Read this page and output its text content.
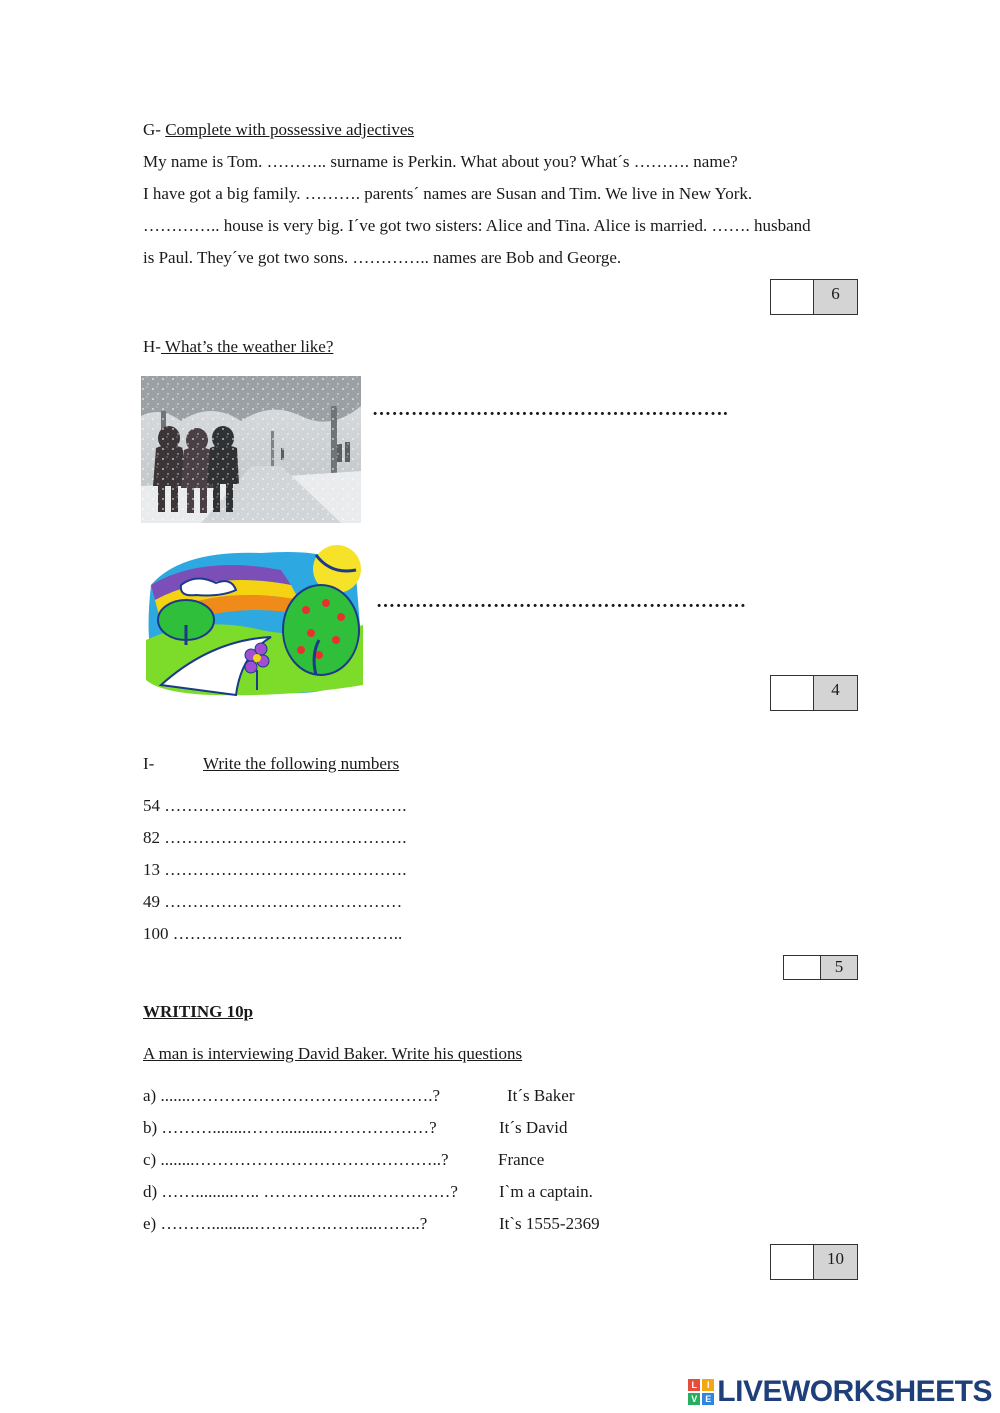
G- Complete with possessive adjectives
My name is Tom. ……….. surname is Perkin. What about you? What´s ………. name?
I have got a big family. ………. parents´ names are Susan and Tim. We live in New York.
………….. house is very big. I´ve got two sisters: Alice and Tina. Alice is married. ……. husband
is Paul. They´ve got two sons. ………….. names are Bob and George.
6
H- What’s the weather like?
……………………………………………….
…………………………………………………
4
I-	Write the following numbers
54 …………………………………….
82 …………………………………….
13 …………………………………….
49 ……………………………………
100 …………………………………..
5
WRITING 10p
A man is interviewing David Baker. Write his questions
a) .......…………………………………….?	It´s Baker
b) ………........……...........………………?	It´s David
c) ........……………………………………..?	France
d) …….........….. ……………....……………? I`m a captain.
e) ………..........………….……....……..?	It`s 1555-2369
10
L	I
V E LIVEWORKSHEETS
